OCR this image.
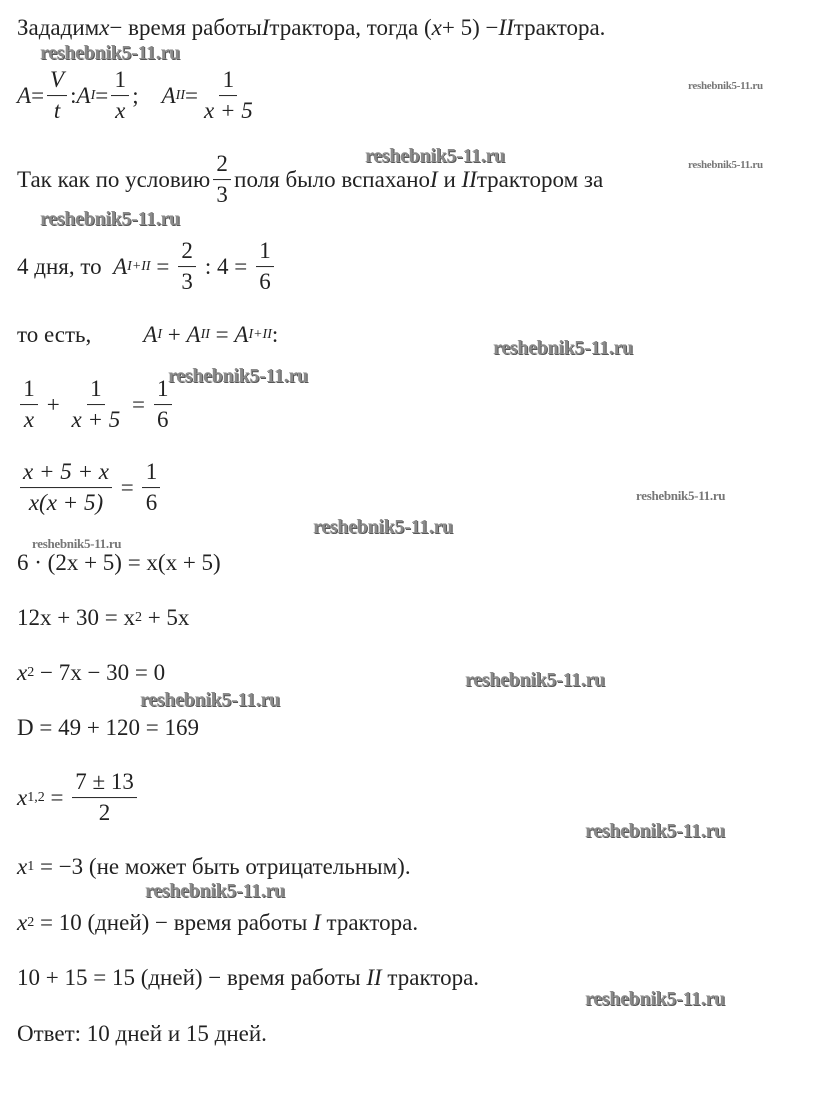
Зададим x − время работы I трактора, тогда ( x + 5) − II трактора.
$A = \frac{V}{t}$ : A $I = \frac{1}{x}$ ; A II = $\frac{1}{x + 5}$
Так как по условию $\frac{2}{3}$ поля было вспахано I и II трактором за
4 дня, то A $I+II = \frac{2}{3}$ : $4 = \frac{1}{6}$
то есть, A I + A II = A I+II :
$\frac{1}{x} + \frac{1}{x + 5} = \frac{1}{6}$
$\frac{x + 5 + x}{x(x + 5)} = \frac{1}{6}$
6 · (2x + 5) = x(x + 5)
12x + 30 = x 2 + 5x
x 2 − 7x − 30 = 0
D = 49 + 120 = 169
x $1,2 = \frac{7 \pm 13}{2}$
x 1 = −3 (не может быть отрицательным).
x 2 = 10 (дней) − время работы I трактора.
10 + 15 = 15 (дней) − время работы II трактора.
Ответ: 10 дней и 15 дней.
reshebnik5-11.ru
reshebnik5-11.ru
reshebnik5-11.ru	reshebnik5-11.ru
reshebnik5-11.ru
reshebnik5-11.ru
reshebnik5-11.ru
reshebnik5-11.ru
reshebnik5-11.ru
reshebnik5-11.ru
reshebnik5-11.ru
reshebnik5-11.ru
reshebnik5-11.ru
reshebnik5-11.ru
reshebnik5-11.ru
